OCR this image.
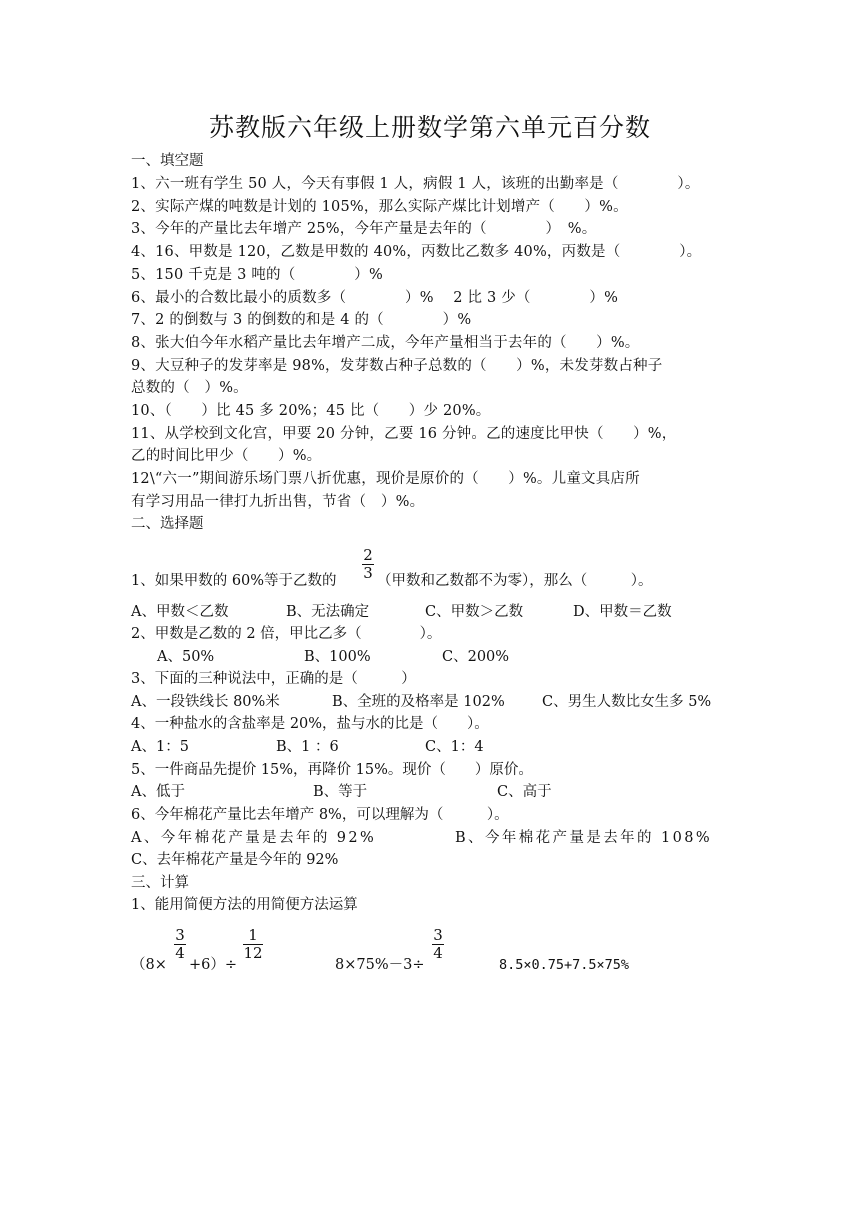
苏教版六年级上册数学第六单元百分数
一、填空题
1、六一班有学生 50 人，今天有事假 1 人，病假 1 人，该班的出勤率是（　　　　）。
2、实际产煤的吨数是计划的 105%，那么实际产煤比计划增产（　　）%。
3、今年的产量比去年增产 25%，今年产量是去年的（　　　　）　%。
4、16、甲数是 120，乙数是甲数的 40%，丙数比乙数多 40%，丙数是（　　　　）。
5、150 千克是 3 吨的（　　　　）%
6、最小的合数比最小的质数多（　　　　）%　 2 比 3 少（　　　　）%
7、2 的倒数与 3 的倒数的和是 4 的（　　　　）%
8、张大伯今年水稻产量比去年增产二成，今年产量相当于去年的（　　）%。
9、大豆种子的发芽率是 98%，发芽数占种子总数的（　　）%，未发芽数占种子
总数的（　）%。
10、（　　）比 45 多 20%；45 比（　　）少 20%。
11、从学校到文化宫，甲要 20 分钟，乙要 16 分钟。乙的速度比甲快（　　）%，
乙的时间比甲少（　　）%。
12\“六一”期间游乐场门票八折优惠，现价是原价的（　　）%。儿童文具店所
有学习用品一律打九折出售，节省（　）%。
二、选择题
1、如果甲数的 60%等于乙数的
2
3 （甲数和乙数都不为零），那么（　　　）。
A、甲数＜乙数	B、无法确定	C、甲数＞乙数	D、甲数＝乙数
2、甲数是乙数的 2 倍，甲比乙多（　　　　）。
A、50%	B、100%	C、200%
3、下面的三种说法中，正确的是（　　　）
A、一段铁线长 80%米	B、全班的及格率是 102%	C、男生人数比女生多 5%
4、一种盐水的含盐率是 20%，盐与水的比是（　　）。
A、1：5	B、1 ：6	C、1：4
5、一件商品先提价 15%，再降价 15%。现价（　　）原价。
A、低于	B、等于	C、高于
6、今年棉花产量比去年增产 8%，可以理解为（　　　）。
A、今年棉花产量是去年的 92%	B、今年棉花产量是去年的 108%
C、去年棉花产量是今年的 92%
三、计算
1、能用简便方法的用简便方法运算
（8×
3
4
+6）÷
1
12
8×75%－3÷
3
4
8.5×0.75+7.5×75%
